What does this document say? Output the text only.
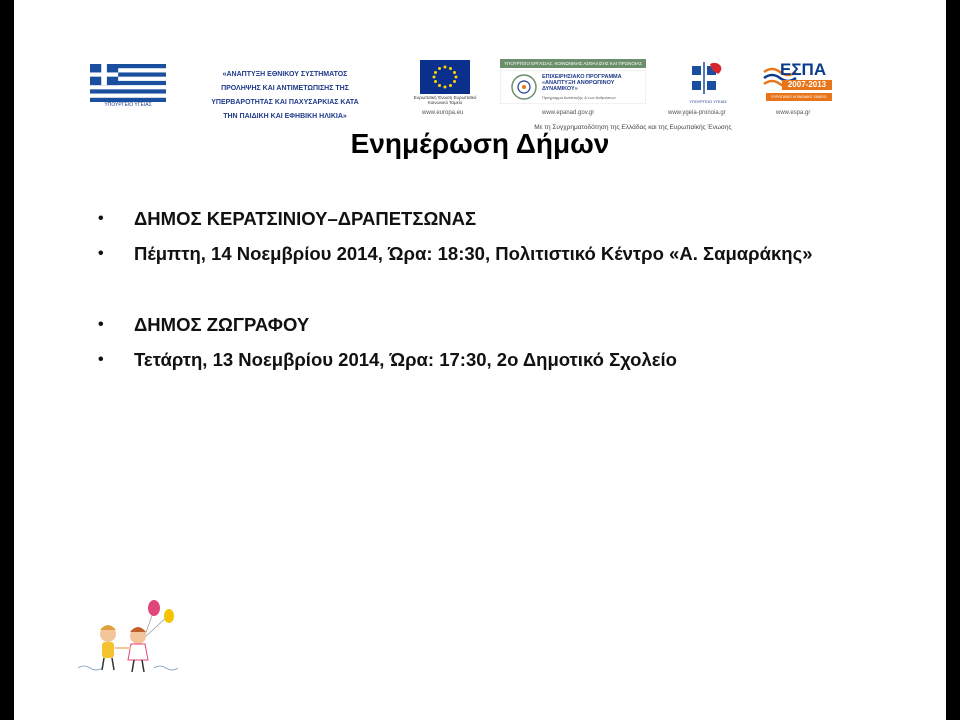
ΥΠΟΥΡΓΕΙΟ ΥΓΕΙΑΣ
«ΑΝΑΠΤΥΞΗ ΕΘΝΙΚΟΥ ΣΥΣΤΗΜΑΤΟΣ
ΠΡΟΛΗΨΗΣ ΚΑΙ ΑΝΤΙΜΕΤΩΠΙΣΗΣ ΤΗΣ
ΥΠΕΡΒΑΡΟΤΗΤΑΣ ΚΑΙ ΠΑΧΥΣΑΡΚΙΑΣ ΚΑΤΑ
ΤΗΝ ΠΑΙΔΙΚΗ ΚΑΙ ΕΦΗΒΙΚΗ ΗΛΙΚΙΑ»
Ευρωπαϊκή Ένωση Ευρωπαϊκό Κοινωνικό Ταμείο
www.europa.eu
ΥΠΟΥΡΓΕΙΟ ΕΡΓΑΣΙΑΣ, ΚΟΙΝΩΝΙΚΗΣ ΑΣΦΑΛΙΣΗΣ ΚΑΙ ΠΡΟΝΟΙΑΣ
ΕΠΙΧΕΙΡΗΣΙΑΚΟ ΠΡΟΓΡΑΜΜΑ «ΑΝΑΠΤΥΞΗ ΑΝΘΡΩΠΙΝΟΥ ΔΥΝΑΜΙΚΟΥ»
Πρόγραμμα Ανάπτυξης & των Ανθρώπων
www.epanad.gov.gr
ΥΠΟΥΡΓΕΙΟ ΥΓΕΙΑΣ
www.ygeia-pronoia.gr
ΕΣΠΑ
2007-2013
ΕΥΡΩΠΑΪΚΟ ΚΟΙΝΩΝΙΚΟ ΤΑΜΕΙΟ
www.espa.gr
Με τη Συγχρηματοδότηση της Ελλάδας και της Ευρωπαϊκής Ένωσης
Ενημέρωση Δήμων
• ΔΗΜΟΣ ΚΕΡΑΤΣΙΝΙΟΥ–ΔΡΑΠΕΤΣΩΝΑΣ
• Πέμπτη, 14 Νοεμβρίου 2014, Ώρα: 18:30, Πολιτιστικό Κέντρο «Α. Σαμαράκης»
• ΔΗΜΟΣ ΖΩΓΡΑΦΟΥ
• Τετάρτη, 13 Νοεμβρίου 2014, Ώρα: 17:30, 2ο Δημοτικό Σχολείο
